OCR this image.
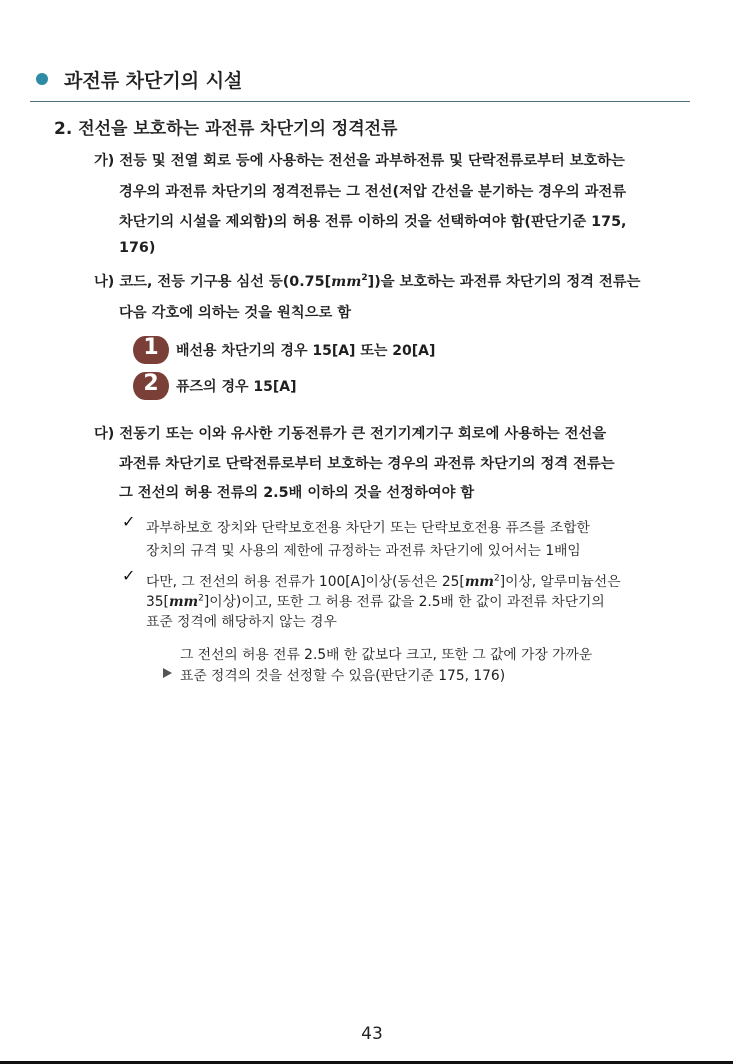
과전류 차단기의 시설
2. 전선을 보호하는 과전류 차단기의 정격전류
가) 전등 및 전열 회로 등에 사용하는 전선을 과부하전류 및 단락전류로부터 보호하는
경우의 과전류 차단기의 정격전류는 그 전선(저압 간선을 분기하는 경우의 과전류
차단기의 시설을 제외함)의 허용 전류 이하의 것을 선택하여야 함(판단기준 175,
176)
나) 코드, 전등 기구용 심선 등$(0.75[mm^2])$을 보호하는 과전류 차단기의 정격 전류는
다음 각호에 의하는 것을 원칙으로 함
1	배선용 차단기의 경우 15[A] 또는 20[A]
2	퓨즈의 경우 15[A]
다) 전동기 또는 이와 유사한 기동전류가 큰 전기기계기구 회로에 사용하는 전선을
과전류 차단기로 단락전류로부터 보호하는 경우의 과전류 차단기의 정격 전류는
그 전선의 허용 전류의 2.5배 이하의 것을 선정하여야 함
✓ 과부하보호 장치와 단락보호전용 차단기 또는 단락보호전용 퓨즈를 조합한
장치의 규격 및 사용의 제한에 규정하는 과전류 차단기에 있어서는 1배임
✓ 다만, 그 전선의 허용 전류가 100[A]이상(동선은 $25[mm^2]$이상, 알루미늄선은
$35[mm^2]$이상)이고, 또한 그 허용 전류 값을 2.5배 한 값이 과전류 차단기의
표준 정격에 해당하지 않는 경우
그 전선의 허용 전류 2.5배 한 값보다 크고, 또한 그 값에 가장 가까운
표준 정격의 것을 선정할 수 있음(판단기준 175, 176)
43
